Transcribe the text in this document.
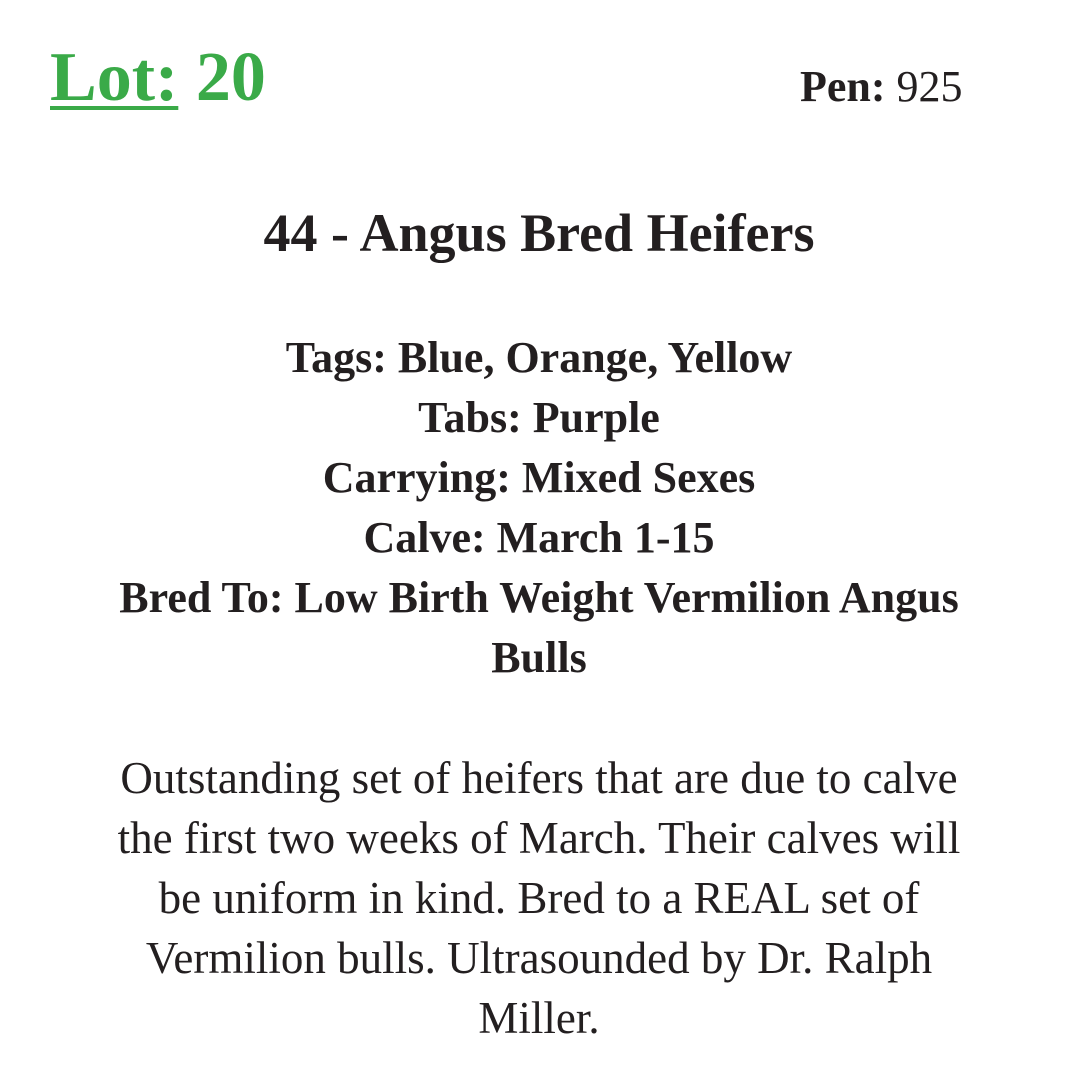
Lot: 20	Pen: 925
44 - Angus Bred Heifers
Tags: Blue, Orange, Yellow
Tabs: Purple
Carrying: Mixed Sexes
Calve: March 1-15
Bred To: Low Birth Weight Vermilion Angus
Bulls
Outstanding set of heifers that are due to calve
the first two weeks of March. Their calves will
be uniform in kind. Bred to a REAL set of
Vermilion bulls. Ultrasounded by Dr. Ralph
Miller.
